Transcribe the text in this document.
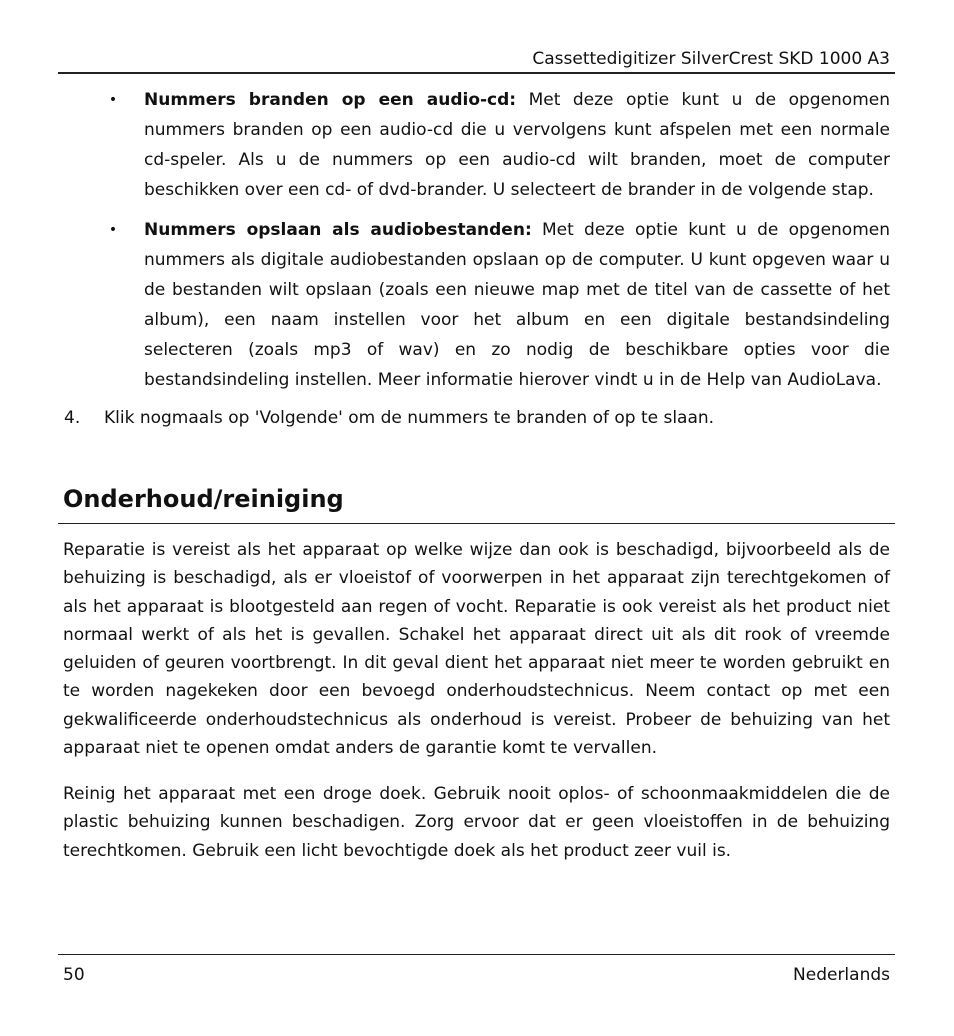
Cassettedigitizer SilverCrest SKD 1000 A3
• Nummers branden op een audio-cd: Met deze optie kunt u de opgenomen nummers branden op een audio-cd die u vervolgens kunt afspelen met een normale cd-speler. Als u de nummers op een audio-cd wilt branden, moet de computer beschikken over een cd- of dvd-brander. U selecteert de brander in de volgende stap.
• Nummers opslaan als audiobestanden: Met deze optie kunt u de opgenomen nummers als digitale audiobestanden opslaan op de computer. U kunt opgeven waar u de bestanden wilt opslaan (zoals een nieuwe map met de titel van de cassette of het album), een naam instellen voor het album en een digitale bestandsindeling selecteren (zoals mp3 of wav) en zo nodig de beschikbare opties voor die bestandsindeling instellen. Meer informatie hierover vindt u in de Help van AudioLava.
4. Klik nogmaals op 'Volgende' om de nummers te branden of op te slaan.
Onderhoud/reiniging

Reparatie is vereist als het apparaat op welke wijze dan ook is beschadigd, bijvoorbeeld als de behuizing is beschadigd, als er vloeistof of voorwerpen in het apparaat zijn terechtgekomen of als het apparaat is blootgesteld aan regen of vocht. Reparatie is ook vereist als het product niet normaal werkt of als het is gevallen. Schakel het apparaat direct uit als dit rook of vreemde geluiden of geuren voortbrengt. In dit geval dient het apparaat niet meer te worden gebruikt en te worden nagekeken door een bevoegd onderhoudstechnicus. Neem contact op met een gekwalificeerde onderhoudstechnicus als onderhoud is vereist. Probeer de behuizing van het apparaat niet te openen omdat anders de garantie komt te vervallen.

Reinig het apparaat met een droge doek. Gebruik nooit oplos- of schoonmaakmiddelen die de plastic behuizing kunnen beschadigen. Zorg ervoor dat er geen vloeistoffen in de behuizing terechtkomen. Gebruik een licht bevochtigde doek als het product zeer vuil is.

50	Nederlands
